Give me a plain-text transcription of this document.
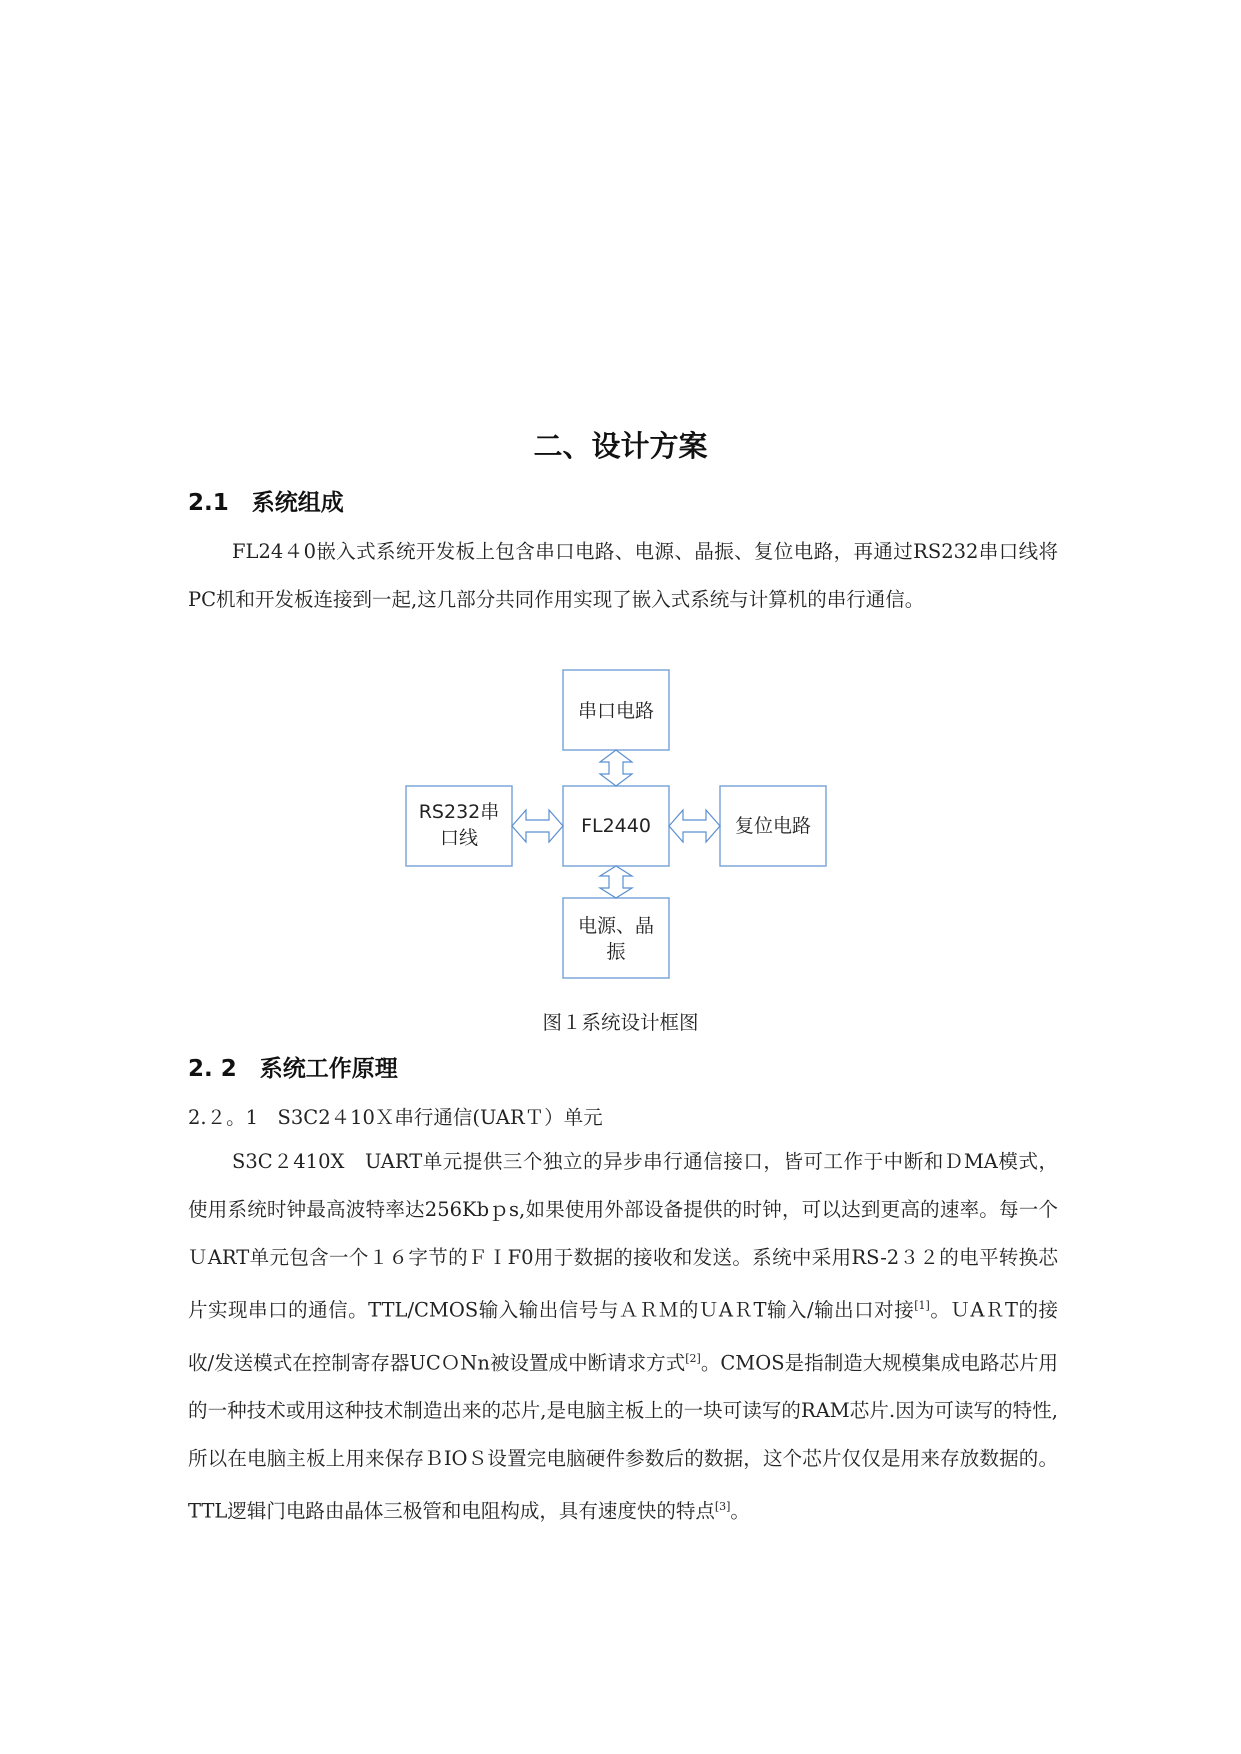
二、设计方案
2.1　系统组成

FL24４0嵌入式系统开发板上包含串口电路、电源、晶振、复位电路，再通过RS232串口线将PC机和开发板连接到一起,这几部分共同作用实现了嵌入式系统与计算机的串行通信。

串口电路
RS232串
口线
FL2440	复位电路
电源、晶
振

图１系统设计框图

2. 2　系统工作原理

2.２。1　S3C2４10Ｘ串行通信(UARＴ）单元

S3C２410X　UART单元提供三个独立的异步串行通信接口，皆可工作于中断和ＤMA模式，使用系统时钟最高波特率达256Kbｐs,如果使用外部设备提供的时钟，可以达到更高的速率。每一个ＵART单元包含一个１６字节的ＦＩF0用于数据的接收和发送。系统中采用RS-2３２的电平转换芯片实现串口的通信。TTL/CMOS输入输出信号与ＡＲＭ的ＵAＲT输入/输出口对接[1]。ＵAＲT的接收/发送模式在控制寄存器UCＯNn被设置成中断请求方式[2]。CMOS是指制造大规模集成电路芯片用的一种技术或用这种技术制造出来的芯片,是电脑主板上的一块可读写的RAM芯片.因为可读写的特性,所以在电脑主板上用来保存ＢIOＳ设置完电脑硬件参数后的数据，这个芯片仅仅是用来存放数据的。TTL逻辑门电路由晶体三极管和电阻构成，具有速度快的特点[3]。
